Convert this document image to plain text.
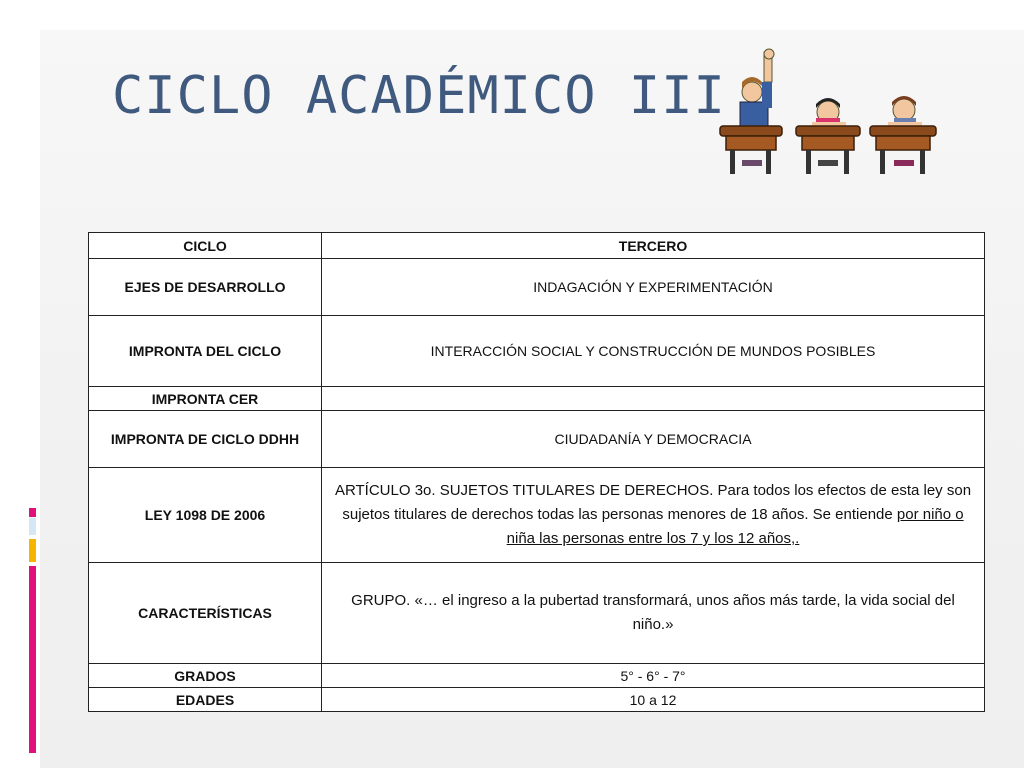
CICLO ACADÉMICO III
CICLO	TERCERO
EJES DE DESARROLLO	INDAGACIÓN Y EXPERIMENTACIÓN
IMPRONTA DEL CICLO	INTERACCIÓN SOCIAL Y CONSTRUCCIÓN DE MUNDOS POSIBLES
IMPRONTA CER	
IMPRONTA DE CICLO DDHH	CIUDADANÍA Y DEMOCRACIA
LEY 1098 DE 2006	ARTÍCULO 3o. SUJETOS TITULARES DE DERECHOS. Para todos los efectos de esta ley son sujetos titulares de derechos todas las personas menores de 18 años. Se entiende por niño o niña las personas entre los 7 y los 12 años,.
CARACTERÍSTICAS	GRUPO. «… el ingreso a la pubertad transformará, unos años más tarde, la vida social del niño.»
GRADOS	5° - 6° - 7°
EDADES	10 a 12
